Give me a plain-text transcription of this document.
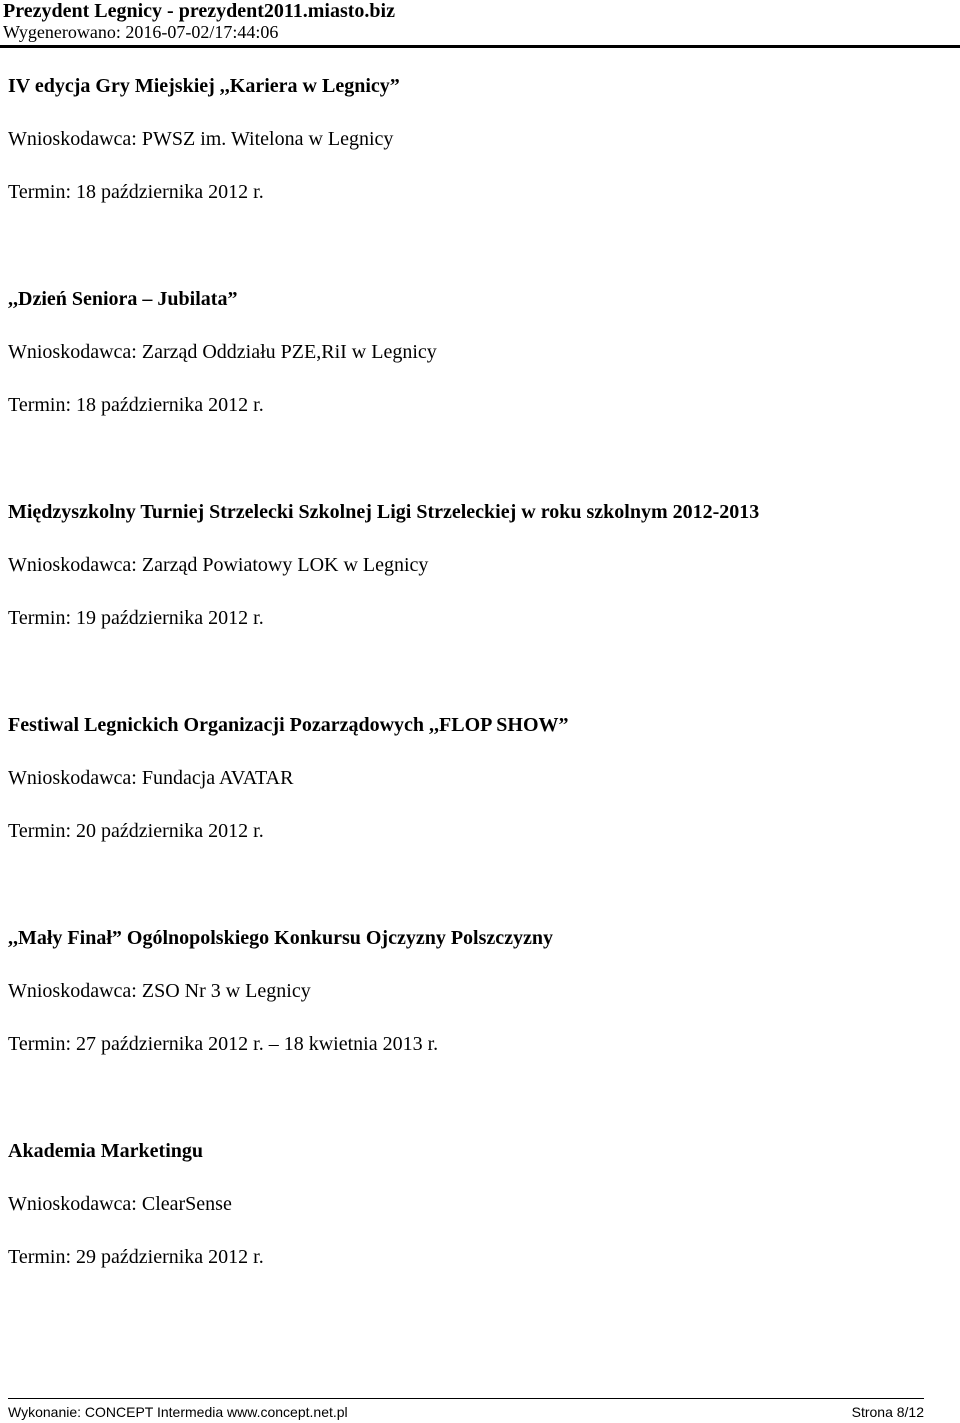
Prezydent Legnicy - prezydent2011.miasto.biz
Wygenerowano: 2016-07-02/17:44:06

IV edycja Gry Miejskiej ,,Kariera w Legnicy”

Wnioskodawca: PWSZ im. Witelona w Legnicy

Termin: 18 października 2012 r.

,,Dzień Seniora – Jubilata”

Wnioskodawca: Zarząd Oddziału PZE,RiI w Legnicy

Termin: 18 października 2012 r.

Międzyszkolny Turniej Strzelecki Szkolnej Ligi Strzeleckiej w roku szkolnym 2012-2013

Wnioskodawca: Zarząd Powiatowy LOK w Legnicy

Termin: 19 października 2012 r.

Festiwal Legnickich Organizacji Pozarządowych ,,FLOP SHOW”

Wnioskodawca: Fundacja AVATAR

Termin: 20 października 2012 r.

,,Mały Finał” Ogólnopolskiego Konkursu Ojczyzny Polszczyzny

Wnioskodawca: ZSO Nr 3 w Legnicy

Termin: 27 października 2012 r. – 18 kwietnia 2013 r.

Akademia Marketingu

Wnioskodawca: ClearSense

Termin: 29 października 2012 r.

Wykonanie: CONCEPT Intermedia www.concept.net.pl	Strona 8/12
